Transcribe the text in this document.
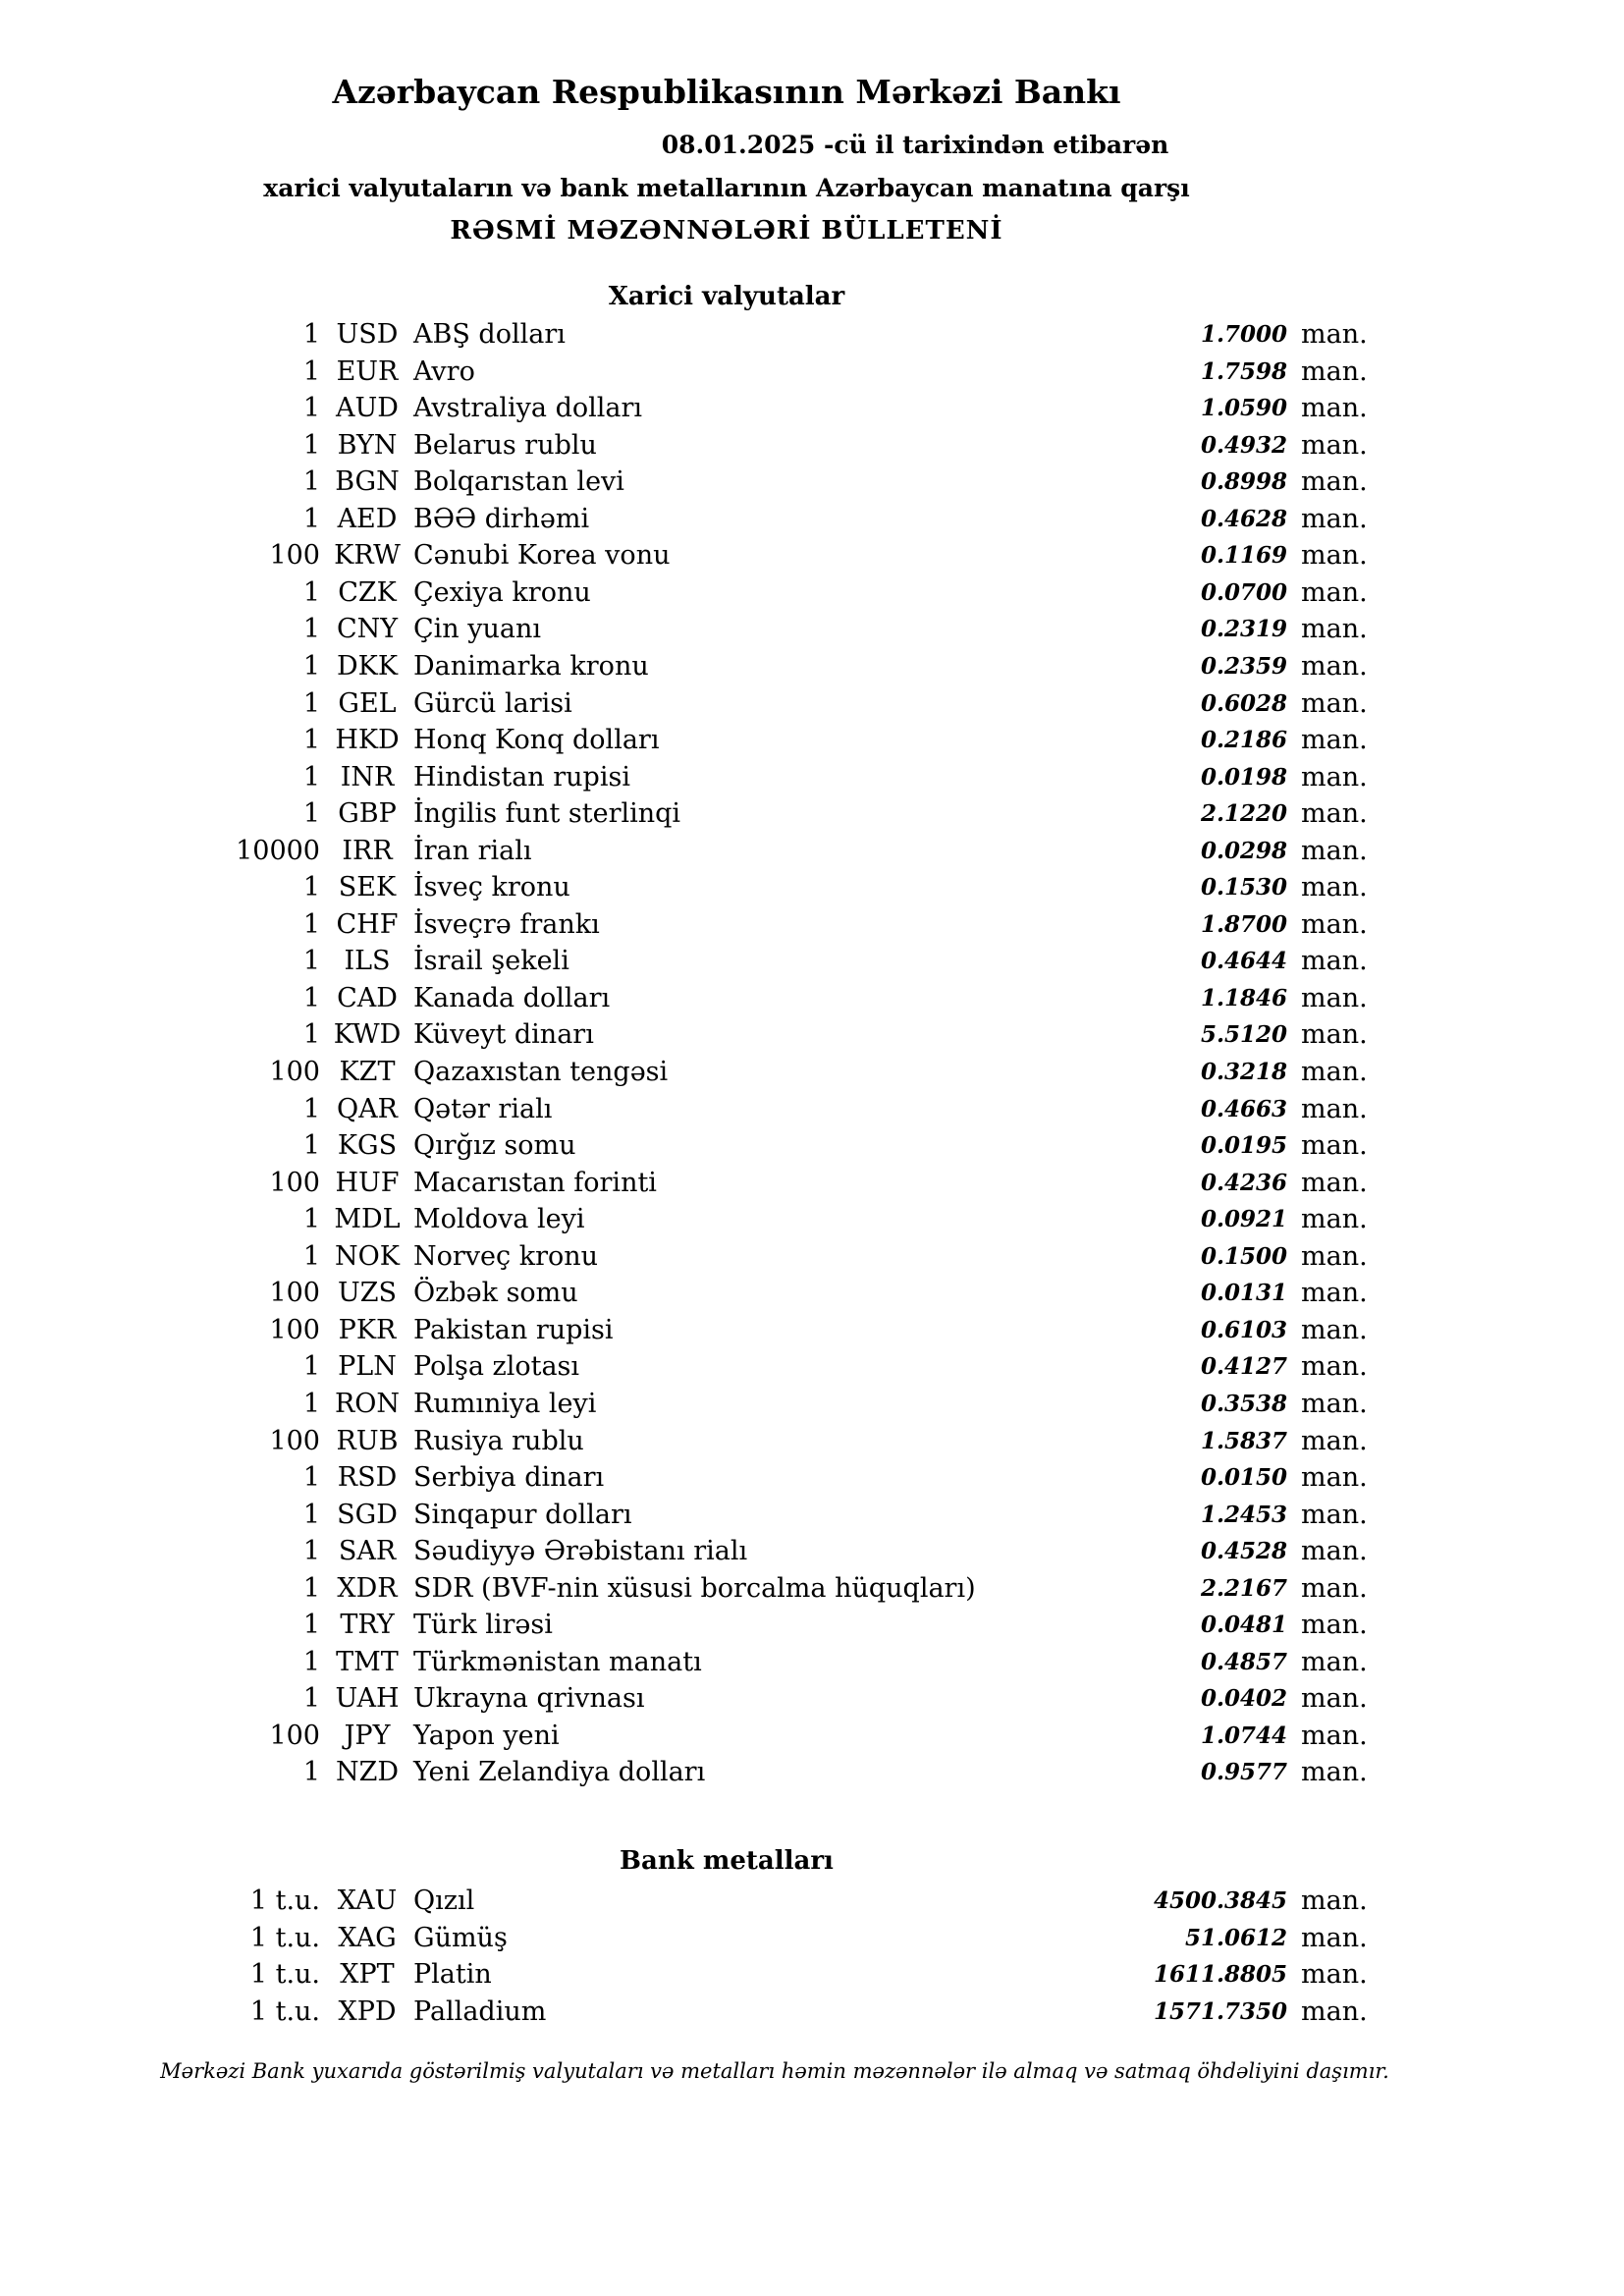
Azərbaycan Respublikasının Mərkəzi Bankı
08.01.2025 -cü il tarixindən etibarən
xarici valyutaların və bank metallarının Azərbaycan manatına qarşı
RƏSMİ MƏZƏNNƏLƏRİ BÜLLETENİ
Xarici valyutalar
1 USD ABŞ dolları	1.7000 man.
1 EUR Avro	1.7598 man.
1 AUD Avstraliya dolları	1.0590 man.
1 BYN Belarus rublu	0.4932 man.
1 BGN Bolqarıstan levi	0.8998 man.
1 AED BƏƏ dirhəmi	0.4628 man.
100 KRW Cənubi Korea vonu	0.1169 man.
1 CZK Çexiya kronu	0.0700 man.
1 CNY Çin yuanı	0.2319 man.
1 DKK Danimarka kronu	0.2359 man.
1 GEL Gürcü larisi	0.6028 man.
1 HKD Honq Konq dolları	0.2186 man.
1 INR Hindistan rupisi	0.0198 man.
1 GBP İngilis funt sterlinqi	2.1220 man.
10000 IRR İran rialı	0.0298 man.
1 SEK İsveç kronu	0.1530 man.
1 CHF İsveçrə frankı	1.8700 man.
1 ILS İsrail şekeli	0.4644 man.
1 CAD Kanada dolları	1.1846 man.
1 KWD Küveyt dinarı	5.5120 man.
100 KZT Qazaxıstan tengəsi	0.3218 man.
1 QAR Qətər rialı	0.4663 man.
1 KGS Qırğız somu	0.0195 man.
100 HUF Macarıstan forinti	0.4236 man.
1 MDL Moldova leyi	0.0921 man.
1 NOK Norveç kronu	0.1500 man.
100 UZS Özbək somu	0.0131 man.
100 PKR Pakistan rupisi	0.6103 man.
1 PLN Polşa zlotası	0.4127 man.
1 RON Rumıniya leyi	0.3538 man.
100 RUB Rusiya rublu	1.5837 man.
1 RSD Serbiya dinarı	0.0150 man.
1 SGD Sinqapur dolları	1.2453 man.
1 SAR Səudiyyə Ərəbistanı rialı	0.4528 man.
1 XDR SDR (BVF-nin xüsusi borcalma hüquqları)	2.2167 man.
1 TRY Türk lirəsi	0.0481 man.
1 TMT Türkmənistan manatı	0.4857 man.
1 UAH Ukrayna qrivnası	0.0402 man.
100 JPY Yapon yeni	1.0744 man.
1 NZD Yeni Zelandiya dolları	0.9577 man.
Bank metalları
1 t.u. XAU Qızıl	4500.3845 man.
1 t.u. XAG Gümüş	51.0612 man.
1 t.u. XPT Platin	1611.8805 man.
1 t.u. XPD Palladium	1571.7350 man.
Mərkəzi Bank yuxarıda göstərilmiş valyutaları və metalları həmin məzənnələr ilə almaq və satmaq öhdəliyini daşımır.
